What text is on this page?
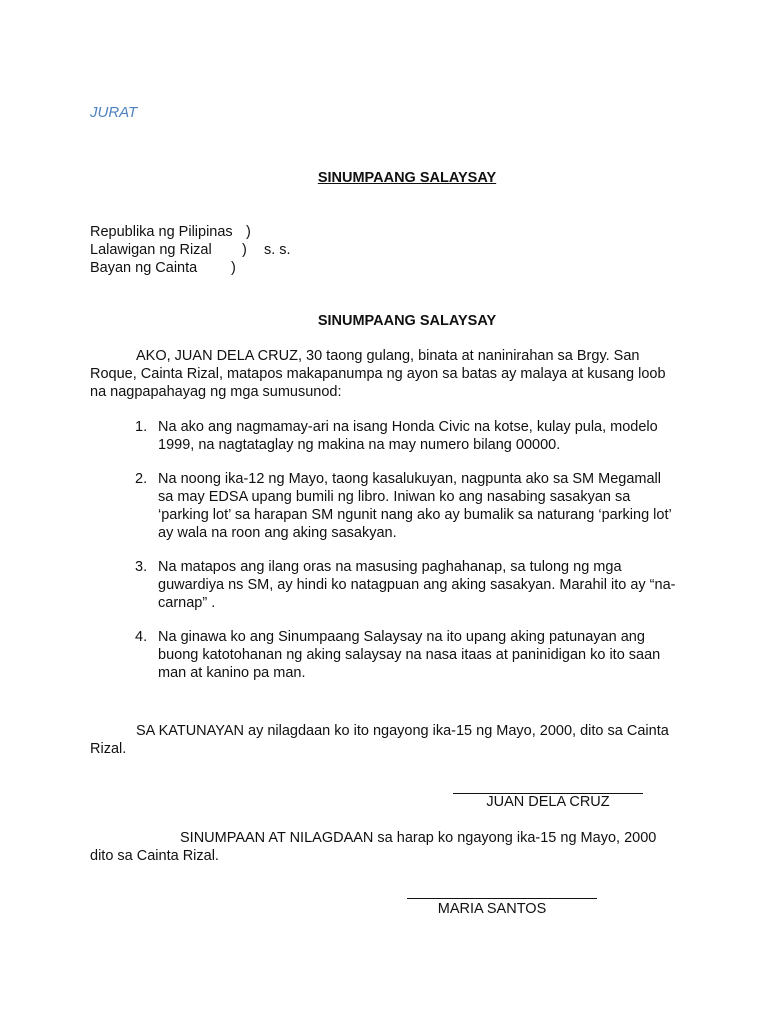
JURAT
SINUMPAANG SALAYSAY
Republika ng Pilipinas )
Lalawigan ng Rizal ) s. s.
Bayan ng Cainta )
SINUMPAANG SALAYSAY
AKO, JUAN DELA CRUZ, 30 taong gulang, binata at naninirahan sa Brgy. San Roque, Cainta Rizal, matapos makapanumpa ng ayon sa batas ay malaya at kusang loob na nagpapahayag ng mga sumusunod:
1. Na ako ang nagmamay-ari na isang Honda Civic na kotse, kulay pula, modelo 1999, na nagtataglay ng makina na may numero bilang 00000.
2. Na noong ika-12 ng Mayo, taong kasalukuyan, nagpunta ako sa SM Megamall sa may EDSA upang bumili ng libro. Iniwan ko ang nasabing sasakyan sa ‘parking lot’ sa harapan SM ngunit nang ako ay bumalik sa naturang ‘parking lot’ ay wala na roon ang aking sasakyan.
3. Na matapos ang ilang oras na masusing paghahanap, sa tulong ng mga guwardiya ns SM, ay hindi ko natagpuan ang aking sasakyan. Marahil ito ay “na-carnap” .
4. Na ginawa ko ang Sinumpaang Salaysay na ito upang aking patunayan ang buong katotohanan ng aking salaysay na nasa itaas at paninidigan ko ito saan man at kanino pa man.
SA KATUNAYAN ay nilagdaan ko ito ngayong ika-15 ng Mayo, 2000, dito sa Cainta Rizal.
JUAN DELA CRUZ
SINUMPAAN AT NILAGDAAN sa harap ko ngayong ika-15 ng Mayo, 2000 dito sa Cainta Rizal.
MARIA SANTOS
